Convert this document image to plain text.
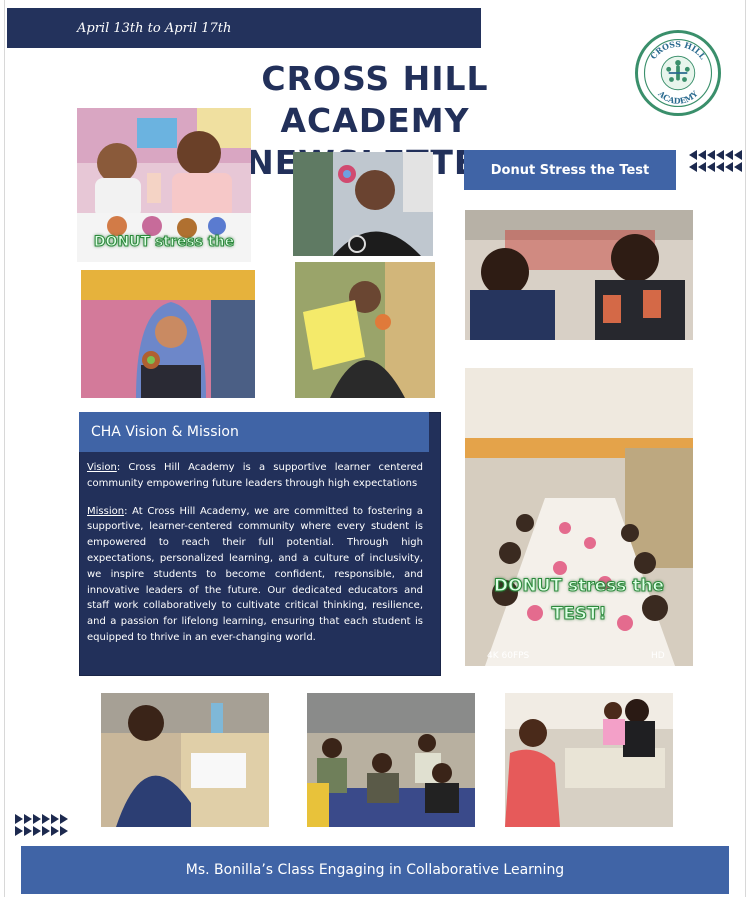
April 13th to April 17th
CROSS HILL ACADEMY
CROSS HILL
ACADEMY
DONUT stress the
Donut Stress the Test
DONUT stress the
TEST!
4K 60FPS	HD
CHA Vision & Mission

Vision: Cross Hill Academy is a supportive learner centered community empowering future leaders through high expectations

Mission: At Cross Hill Academy, we are committed to fostering a supportive, learner-centered community where every student is empowered to reach their full potential. Through high expectations, personalized learning, and a culture of inclusivity, we inspire students to become confident, responsible, and innovative leaders of the future. Our dedicated educators and staff work collaboratively to cultivate critical thinking, resilience, and a passion for lifelong learning, ensuring that each student is equipped to thrive in an ever-changing world.

Ms. Bonilla’s Class Engaging in Collaborative Learning
